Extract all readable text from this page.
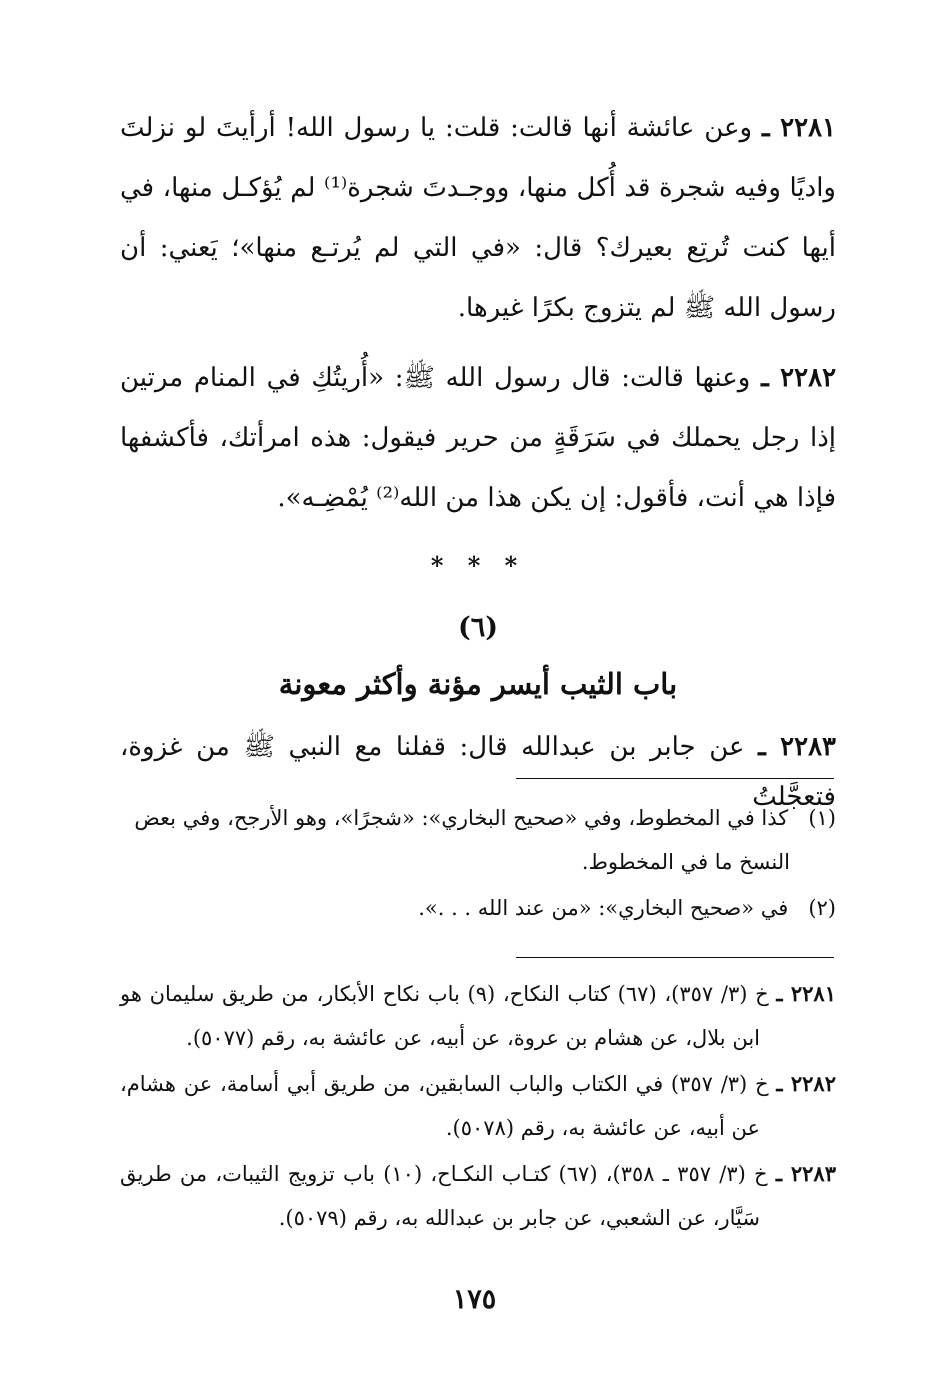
٢٢٨١ ـ وعن عائشة أنها قالت: قلت: يا رسول الله! أرأيتَ لو نزلتَ واديًا وفيه شجرة قد أُكل منها، ووجـدتَ شجرة⁽¹⁾ لم يُؤكـل منها، في أيها كنت تُرتِع بعيرك؟ قال: «في التي لم يُرتـع منها»؛ يَعني: أن رسول الله ﷺ لم يتزوج بكرًا غيرها.

٢٢٨٢ ـ وعنها قالت: قال رسول الله ﷺ: «أُريتُكِ في المنام مرتين إذا رجل يحملك في سَرَقَةٍ من حرير فيقول: هذه امرأتك، فأكشفها فإذا هي أنت، فأقول: إن يكن هذا من الله⁽²⁾ يُمْضِـه».

* * *
(٦)
باب الثيب أيسر مؤنة وأكثر معونة

٢٢٨٣ ـ عن جابر بن عبدالله قال: قفلنا مع النبي ﷺ من غزوة، فتعجَّلتُ

(١)   كذا في المخطوط، وفي «صحيح البخاري»: «شجرًا»، وهو الأرجح، وفي بعض النسخ ما في المخطوط.

(٢)   في «صحيح البخاري»: «من عند الله . . .».

٢٢٨١ ـ خ (٣/ ٣٥٧)، (٦٧) كتاب النكاح، (٩) باب نكاح الأبكار، من طريق سليمان هو ابن بلال، عن هشام بن عروة، عن أبيه، عن عائشة به، رقم (٥٠٧٧).

٢٢٨٢ ـ خ (٣/ ٣٥٧) في الكتاب والباب السابقين، من طريق أبي أسامة، عن هشام، عن أبيه، عن عائشة به، رقم (٥٠٧٨).

٢٢٨٣ ـ خ (٣/ ٣٥٧ ـ ٣٥٨)، (٦٧) كتـاب النكـاح، (١٠) باب تزويج الثيبات، من طريق سَيَّار، عن الشعبي، عن جابر بن عبدالله به، رقم (٥٠٧٩).

١٧٥
